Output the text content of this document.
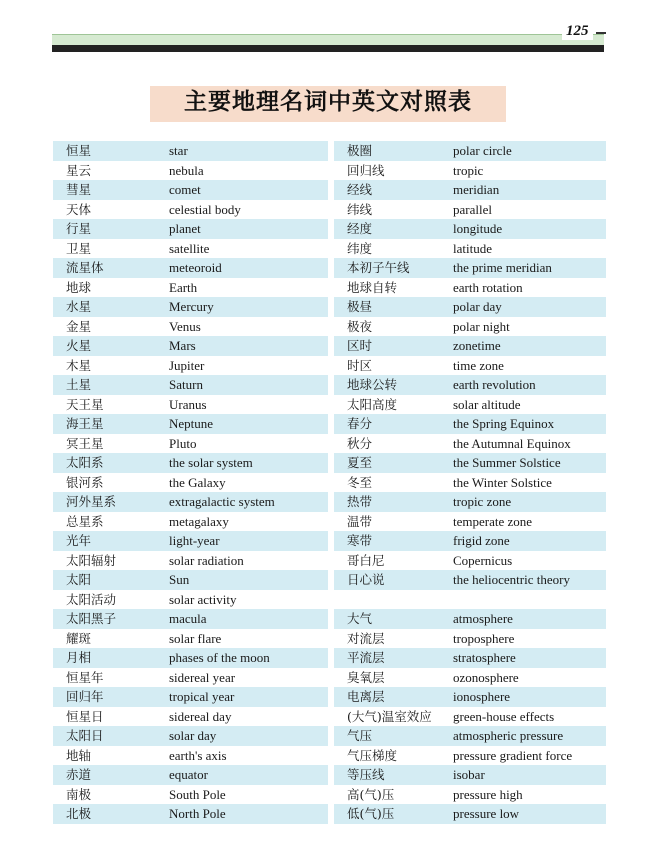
125
主要地理名词中英文对照表
恒星	star
星云	nebula
彗星	comet
天体	celestial body
行星	planet
卫星	satellite
流星体	meteoroid
地球	Earth
水星	Mercury
金星	Venus
火星	Mars
木星	Jupiter
土星	Saturn
天王星	Uranus
海王星	Neptune
冥王星	Pluto
太阳系	the solar system
银河系	the Galaxy
河外星系	extragalactic system
总星系	metagalaxy
光年	light-year
太阳辐射	solar radiation
太阳	Sun
太阳活动	solar activity
太阳黑子	macula
耀斑	solar flare
月相	phases of the moon
恒星年	sidereal year
回归年	tropical year
恒星日	sidereal day
太阳日	solar day
地轴	earth's axis
赤道	equator
南极	South Pole
北极	North Pole
极圈	polar circle
回归线	tropic
经线	meridian
纬线	parallel
经度	longitude
纬度	latitude
本初子午线	the prime meridian
地球自转	earth rotation
极昼	polar day
极夜	polar night
区时	zonetime
时区	time zone
地球公转	earth revolution
太阳高度	solar altitude
春分	the Spring Equinox
秋分	the Autumnal Equinox
夏至	the Summer Solstice
冬至	the Winter Solstice
热带	tropic zone
温带	temperate zone
寒带	frigid zone
哥白尼	Copernicus
日心说	the heliocentric theory
大气	atmosphere
对流层	troposphere
平流层	stratosphere
臭氧层	ozonosphere
电离层	ionosphere
(大气)温室效应 green-house effects
气压	atmospheric pressure
气压梯度	pressure gradient force
等压线	isobar
高(气)压	pressure high
低(气)压	pressure low
